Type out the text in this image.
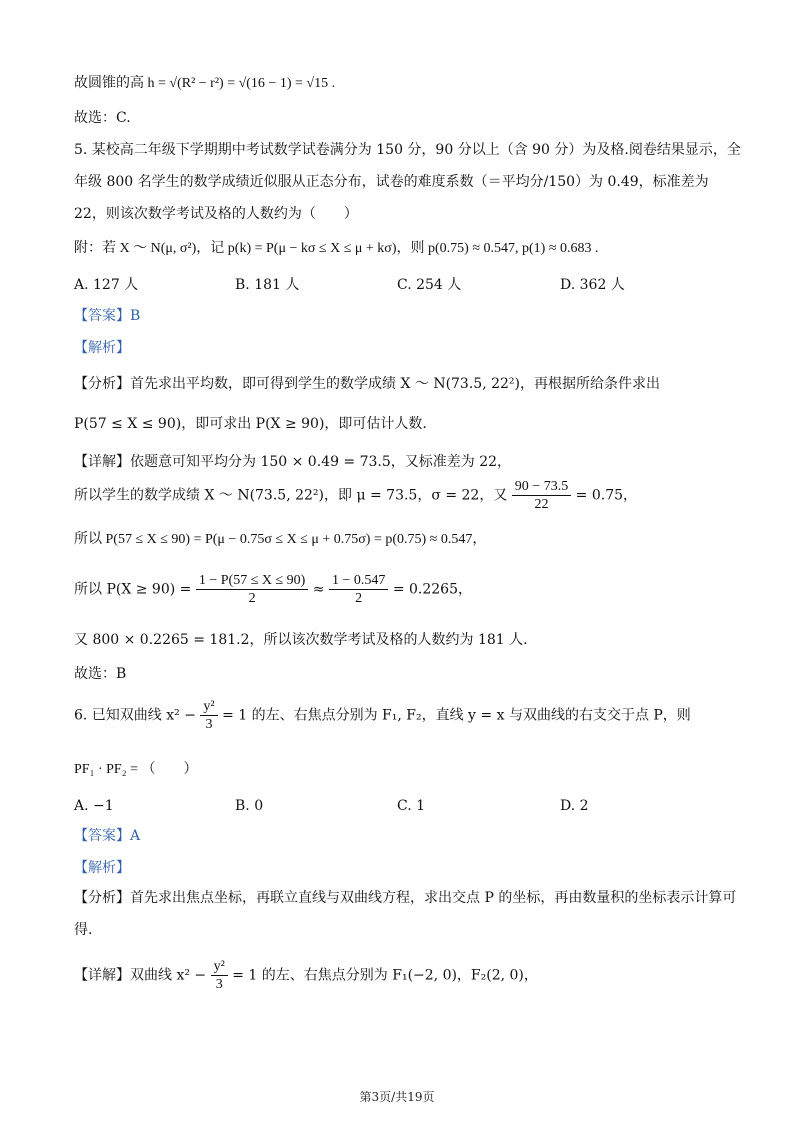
故圆锥的高 h = √(R² − r²) = √(16 − 1) = √15 .
故选：C.
5. 某校高二年级下学期期中考试数学试卷满分为 150 分，90 分以上（含 90 分）为及格.阅卷结果显示，全
年级 800 名学生的数学成绩近似服从正态分布，试卷的难度系数（＝平均分/150）为 0.49，标准差为
22，则该次数学考试及格的人数约为（　　）
附：若 X ～ N(μ, σ²)，记 p(k) = P(μ − kσ ≤ X ≤ μ + kσ)，则 p(0.75) ≈ 0.547, p(1) ≈ 0.683 .
A. 127 人	B. 181 人	C. 254 人	D. 362 人
【答案】B
【解析】
【分析】首先求出平均数，即可得到学生的数学成绩 X ～ N(73.5, 22²)，再根据所给条件求出
P(57 ≤ X ≤ 90)，即可求出 P(X ≥ 90)，即可估计人数.
【详解】依题意可知平均分为 150 × 0.49 = 73.5，又标准差为 22，
所以学生的数学成绩 X ～ N(73.5, 22²)，即 μ = 73.5，σ = 22，又 $\frac{90 - 73.5}{22} = 0.75$，
所以 P(57 ≤ X ≤ 90) = P(μ − 0.75σ ≤ X ≤ μ + 0.75σ) = p(0.75) ≈ 0.547，
所以 $P(X \ge 90) = \frac{1 - P(57 \le X \le 90)}{2} \approx \frac{1 - 0.547}{2} = 0.2265$，
又 800 × 0.2265 = 181.2，所以该次数学考试及格的人数约为 181 人.
故选：B
6. 已知双曲线 $x^2 - \frac{\text{y²}}{3} = 1$ 的左、右焦点分别为 F₁, F₂，直线 y = x 与双曲线的右支交于点 P，则
PF₁ · PF₂ = （　　）
A. −1	B. 0	C. 1	D. 2
【答案】A
【解析】
【分析】首先求出焦点坐标，再联立直线与双曲线方程，求出交点 P 的坐标，再由数量积的坐标表示计算可
得.
【详解】双曲线 $x^2 - \frac{\text{y²}}{3} = 1$ 的左、右焦点分别为 F₁(−2, 0)，F₂(2, 0)，
第3页/共19页
